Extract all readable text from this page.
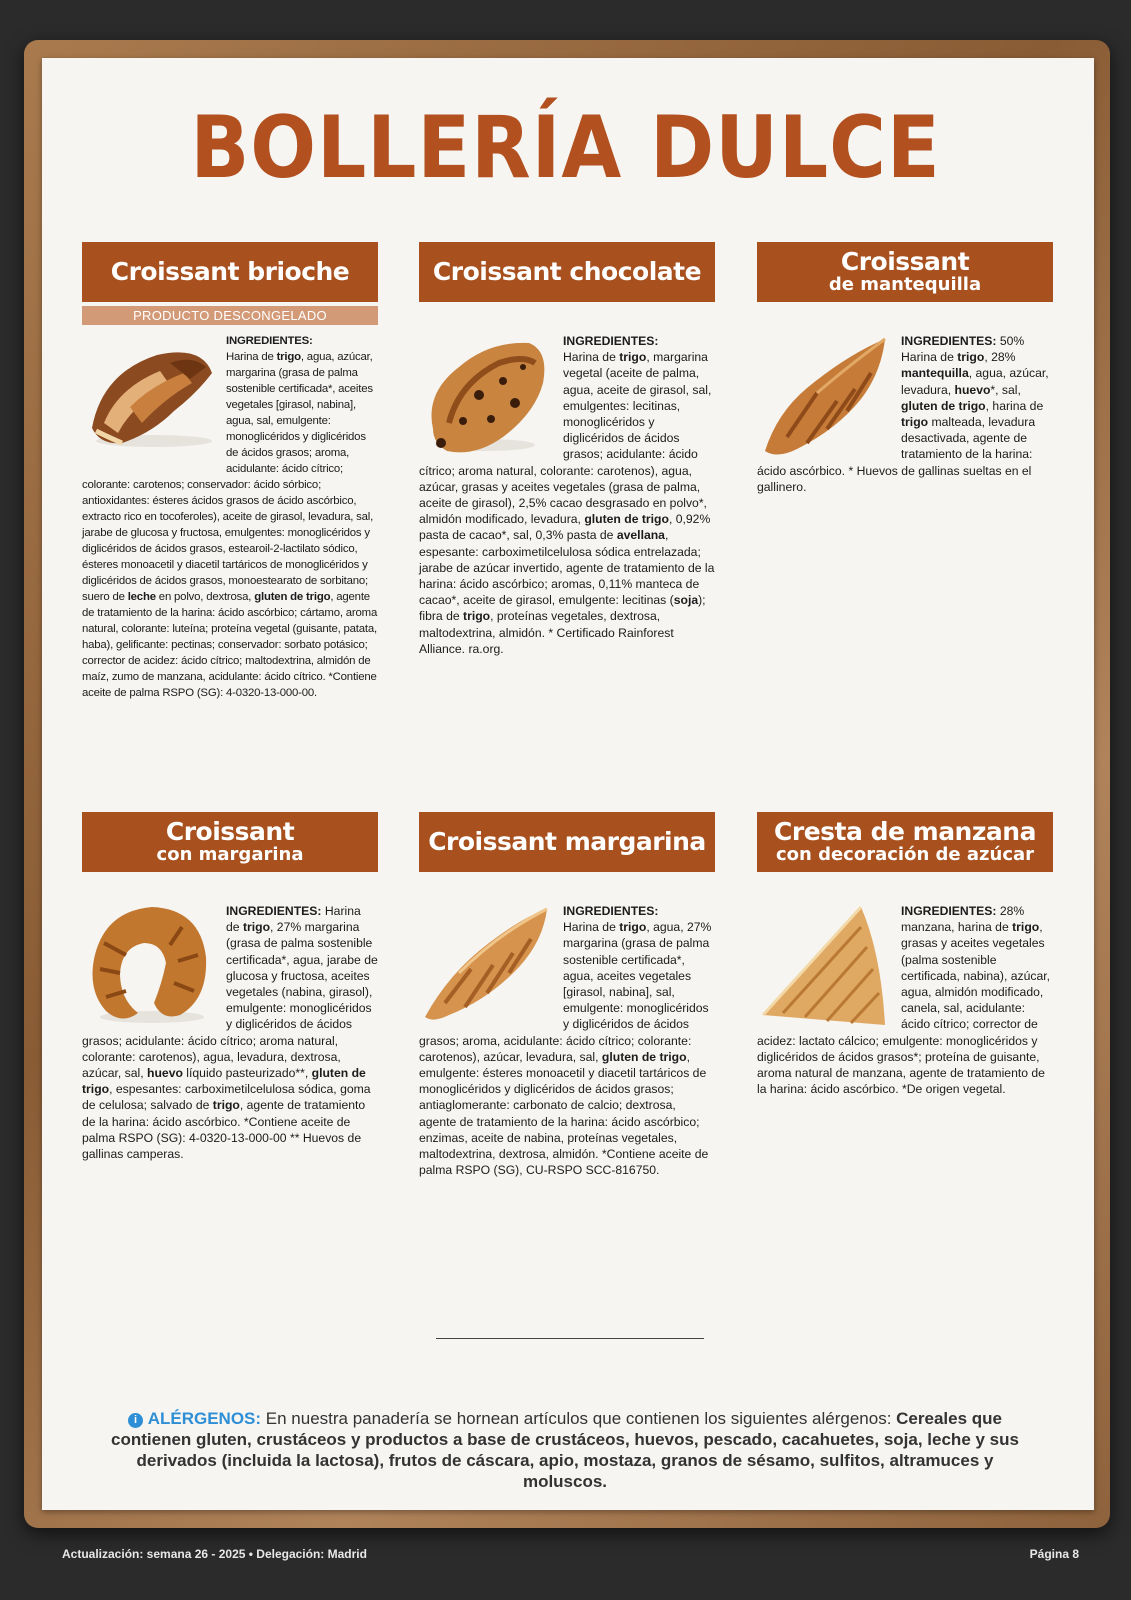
BOLLERÍA DULCE
Croissant brioche
PRODUCTO DESCONGELADO
INGREDIENTES:
Harina de trigo, agua, azúcar, margarina (grasa de palma sostenible certificada*, aceites vegetales [girasol, nabina], agua, sal, emulgente: monoglicéridos y diglicéridos de ácidos grasos; aroma, acidulante: ácido cítrico; colorante: carotenos; conservador: ácido sórbico; antioxidantes: ésteres ácidos grasos de ácido ascórbico, extracto rico en tocoferoles), aceite de girasol, levadura, sal, jarabe de glucosa y fructosa, emulgentes: monoglicéridos y diglicéridos de ácidos grasos, estearoil-2-lactilato sódico, ésteres monoacetil y diacetil tartáricos de monoglicéridos y diglicéridos de ácidos grasos, monoestearato de sorbitano; suero de leche en polvo, dextrosa, gluten de trigo, agente de tratamiento de la harina: ácido ascórbico; cártamo, aroma natural, colorante: luteína; proteína vegetal (guisante, patata, haba), gelificante: pectinas; conservador: sorbato potásico; corrector de acidez: ácido cítrico; maltodextrina, almidón de maíz, zumo de manzana, acidulante: ácido cítrico. *Contiene aceite de palma RSPO (SG): 4-0320-13-000-00.
Croissant chocolate
INGREDIENTES:
Harina de trigo, margarina vegetal (aceite de palma, agua, aceite de girasol, sal, emulgentes: lecitinas, monoglicéridos y diglicéridos de ácidos grasos; acidulante: ácido cítrico; aroma natural, colorante: carotenos), agua, azúcar, grasas y aceites vegetales (grasa de palma, aceite de girasol), 2,5% cacao desgrasado en polvo*, almidón modificado, levadura, gluten de trigo, 0,92% pasta de cacao*, sal, 0,3% pasta de avellana, espesante: carboximetilcelulosa sódica entrelazada; jarabe de azúcar invertido, agente de tratamiento de la harina: ácido ascórbico; aromas, 0,11% manteca de cacao*, aceite de girasol, emulgente: lecitinas (soja); fibra de trigo, proteínas vegetales, dextrosa, maltodextrina, almidón. * Certificado Rainforest Alliance. ra.org.
Croissant
de mantequilla
INGREDIENTES: 50%
Harina de trigo, 28% mantequilla, agua, azúcar, levadura, huevo*, sal, gluten de trigo, harina de trigo malteada, levadura desactivada, agente de tratamiento de la harina: ácido ascórbico. * Huevos de gallinas sueltas en el gallinero.
Croissant
con margarina
INGREDIENTES: Harina
de trigo, 27% margarina (grasa de palma sostenible certificada*, agua, jarabe de glucosa y fructosa, aceites vegetales (nabina, girasol), emulgente: monoglicéridos y diglicéridos de ácidos grasos; acidulante: ácido cítrico; aroma natural, colorante: carotenos), agua, levadura, dextrosa, azúcar, sal, huevo líquido pasteurizado**, gluten de trigo, espesantes: carboximetilcelulosa sódica, goma de celulosa; salvado de trigo, agente de tratamiento de la harina: ácido ascórbico. *Contiene aceite de palma RSPO (SG): 4-0320-13-000-00 ** Huevos de gallinas camperas.
Croissant margarina
INGREDIENTES:
Harina de trigo, agua, 27% margarina (grasa de palma sostenible certificada*, agua, aceites vegetales [girasol, nabina], sal, emulgente: monoglicéridos y diglicéridos de ácidos grasos; aroma, acidulante: ácido cítrico; colorante: carotenos), azúcar, levadura, sal, gluten de trigo, emulgente: ésteres monoacetil y diacetil tartáricos de monoglicéridos y diglicéridos de ácidos grasos; antiaglomerante: carbonato de calcio; dextrosa, agente de tratamiento de la harina: ácido ascórbico; enzimas, aceite de nabina, proteínas vegetales, maltodextrina, dextrosa, almidón. *Contiene aceite de palma RSPO (SG), CU-RSPO SCC-816750.
Cresta de manzana
con decoración de azúcar
INGREDIENTES: 28%
manzana, harina de trigo, grasas y aceites vegetales (palma sostenible certificada, nabina), azúcar, agua, almidón modificado, canela, sal, acidulante: ácido cítrico; corrector de acidez: lactato cálcico; emulgente: monoglicéridos y diglicéridos de ácidos grasos*; proteína de guisante, aroma natural de manzana, agente de tratamiento de la harina: ácido ascórbico. *De origen vegetal.
i ALÉRGENOS: En nuestra panadería se hornean artículos que contienen los siguientes alérgenos: Cereales que contienen gluten, crustáceos y productos a base de crustáceos, huevos, pescado, cacahuetes, soja, leche y sus derivados (incluida la lactosa), frutos de cáscara, apio, mostaza, granos de sésamo, sulfitos, altramuces y moluscos.
Actualización: semana 26 - 2025 • Delegación: Madrid	Página 8
